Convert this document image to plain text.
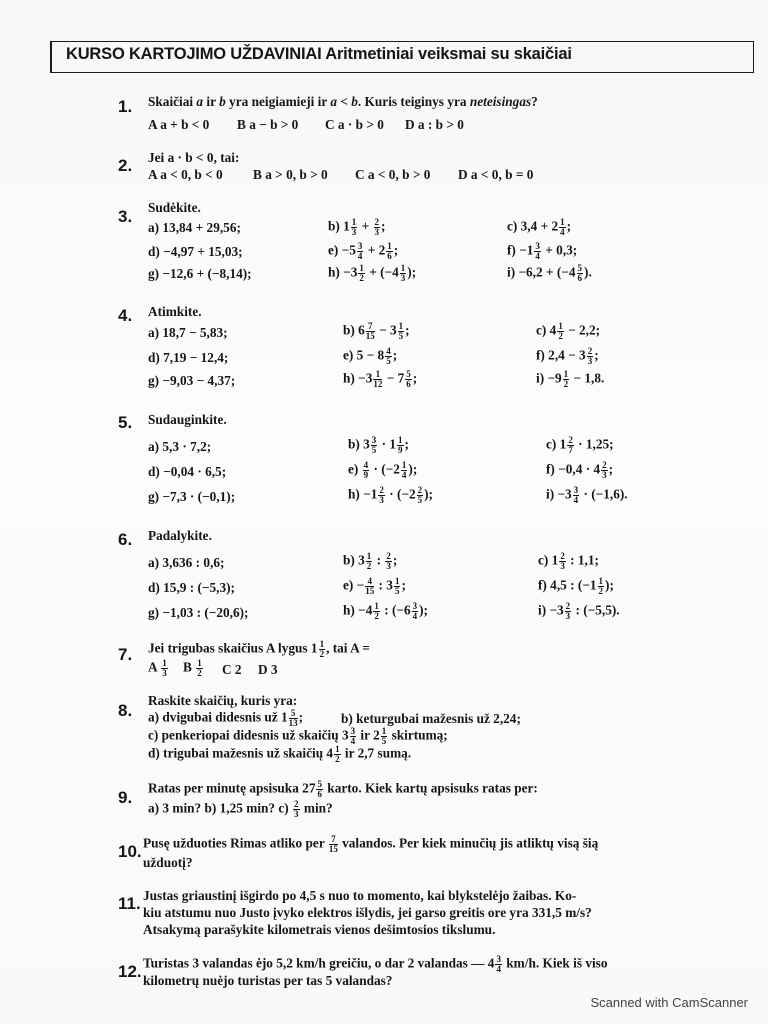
KURSO KARTOJIMO UŽDAVINIAI Aritmetiniai veiksmai su skaičiai
1. Skaičiai a ir b yra neigiamieji ir a < b. Kuris teiginys yra neteisingas?
A a + b < 0 B a − b > 0 C a · b > 0 D a : b > 0
2. Jei a · b < 0, tai:
A a < 0, b < 0 B a > 0, b > 0 C a < 0, b > 0 D a < 0, b = 0
3. Sudėkite.
a) 13,84 + 29,56;	b) $1 \frac{1}{3} + \frac{2}{3}$ ;	c) $3,4 + 2 \frac{1}{4}$ ;
d) −4,97 + 15,03;	$e) -5 \frac{3}{4} + 2 \frac{1}{6}$ ;	$f) -1 \frac{3}{4} + 0,3$;
g) −12,6 + (−8,14);	$h) -3 \frac{1}{2} + (-4 \frac{1}{3}$ );	$i) -6,2 + (-4 \frac{5}{6}$ ).
4. Atimkite.
a) 18,7 − 5,83;	b) $6 \frac{7}{15} - 3 \frac{1}{5}$ ;	c) $4 \frac{1}{2} - 2,2$;
d) 7,19 − 12,4;	e) $5 - 8 \frac{4}{5}$ ;	f) $2,4 - 3 \frac{2}{3}$ ;
g) −9,03 − 4,37;	$h) -3 \frac{1}{12} - 7 \frac{5}{6}$ ;	$i) -9 \frac{1}{2} - 1,8$.
5. Sudauginkite.
a) 5,3 · 7,2;	b) $3 \frac{3}{5} \cdot 1 \frac{1}{9}$ ;	c) $1 \frac{2}{7} \cdot 1,25$;
d) −0,04 · 6,5;	$e) \frac{4}{9} \cdot (-2 \frac{1}{4}$ );	$f) -0,4 \cdot 4 \frac{2}{3}$ ;
g) −7,3 · (−0,1);	$h) -1 \frac{2}{3} \cdot (-2 \frac{2}{5}$ );	$i) -3 \frac{3}{4} \cdot (-1,6)$.
6. Padalykite.
a) 3,636 : 0,6;	b) $3 \frac{1}{2}$ : $\frac{2}{3}$ ;	c) $1 \frac{2}{3}$ : 1,1;
d) 15,9 : (−5,3);	$e) - \frac{4}{15}$ : $3 \frac{1}{5}$ ;	f) 4,5 : ($-1 \frac{1}{2}$ );
g) −1,03 : (−20,6);	$h) -4 \frac{1}{2}$ : ($-6 \frac{3}{4}$ );	$i) -3 \frac{2}{3}$ : (−5,5).
7. Jei trigubas skaičius A lygus $1 \frac{1}{2}$ , tai A =
A $\frac{1}{3}$ B $\frac{1}{2}$ C 2 D 3
8.
Raskite skaičių, kuris yra:
a) dvigubai didesnis už $1 \frac{5}{13}$ ;	b) keturgubai mažesnis už 2,24;
c) penkeriopai didesnis už skaičių $3 \frac{3}{4}$ ir $2 \frac{1}{5}$ skirtumą;
d) trigubai mažesnis už skaičių $4 \frac{1}{2}$ ir 2,7 sumą.
9. Ratas per minutę apsisuka $27 \frac{5}{6}$ karto. Kiek kartų apsisuks ratas per:
a) 3 min? b) 1,25 min? $c) \frac{2}{3} \min$?
10. Pusę užduoties Rimas atliko per $\frac{7}{15}$ valandos. Per kiek minučių jis atliktų visą šią
užduotį?
11. Justas griaustinį išgirdo po 4,5 s nuo to momento, kai blykstelėjo žaibas. Ko-
kiu atstumu nuo Justo įvyko elektros išlydis, jei garso greitis ore yra 331,5 m/s?
Atsakymą parašykite kilometrais vienos dešimtosios tikslumu.
12. Turistas 3 valandas ėjo 5,2 km/h greičiu, o dar 2 valandas — $4 \frac{3}{4} km/h$. Kiek iš viso
kilometrų nuėjo turistas per tas 5 valandas?
Scanned with CamScanner
